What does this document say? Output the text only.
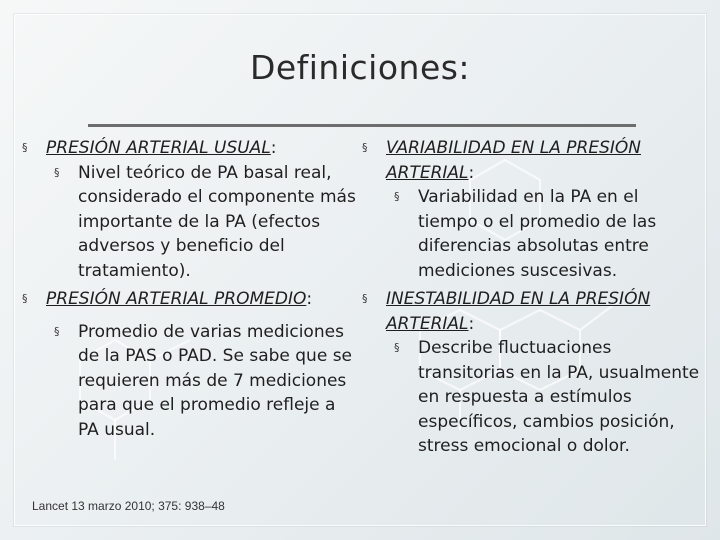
Definiciones:
§ PRESIÓN ARTERIAL USUAL:
§ Nivel teórico de PA basal real, considerado el componente más importante de la PA (efectos adversos y beneficio del tratamiento).
§ PRESIÓN ARTERIAL PROMEDIO:
§ Promedio de varias mediciones de la PAS o PAD. Se sabe que se requieren más de 7 mediciones para que el promedio refleje a PA usual.
§ VARIABILIDAD EN LA PRESIÓN ARTERIAL:
§ Variabilidad en la PA en el tiempo o el promedio de las diferencias absolutas entre mediciones suscesivas.
§ INESTABILIDAD EN LA PRESIÓN ARTERIAL:
§ Describe fluctuaciones transitorias en la PA, usualmente en respuesta a estímulos específicos, cambios posición, stress emocional o dolor.
Lancet 13 marzo 2010; 375: 938–48
